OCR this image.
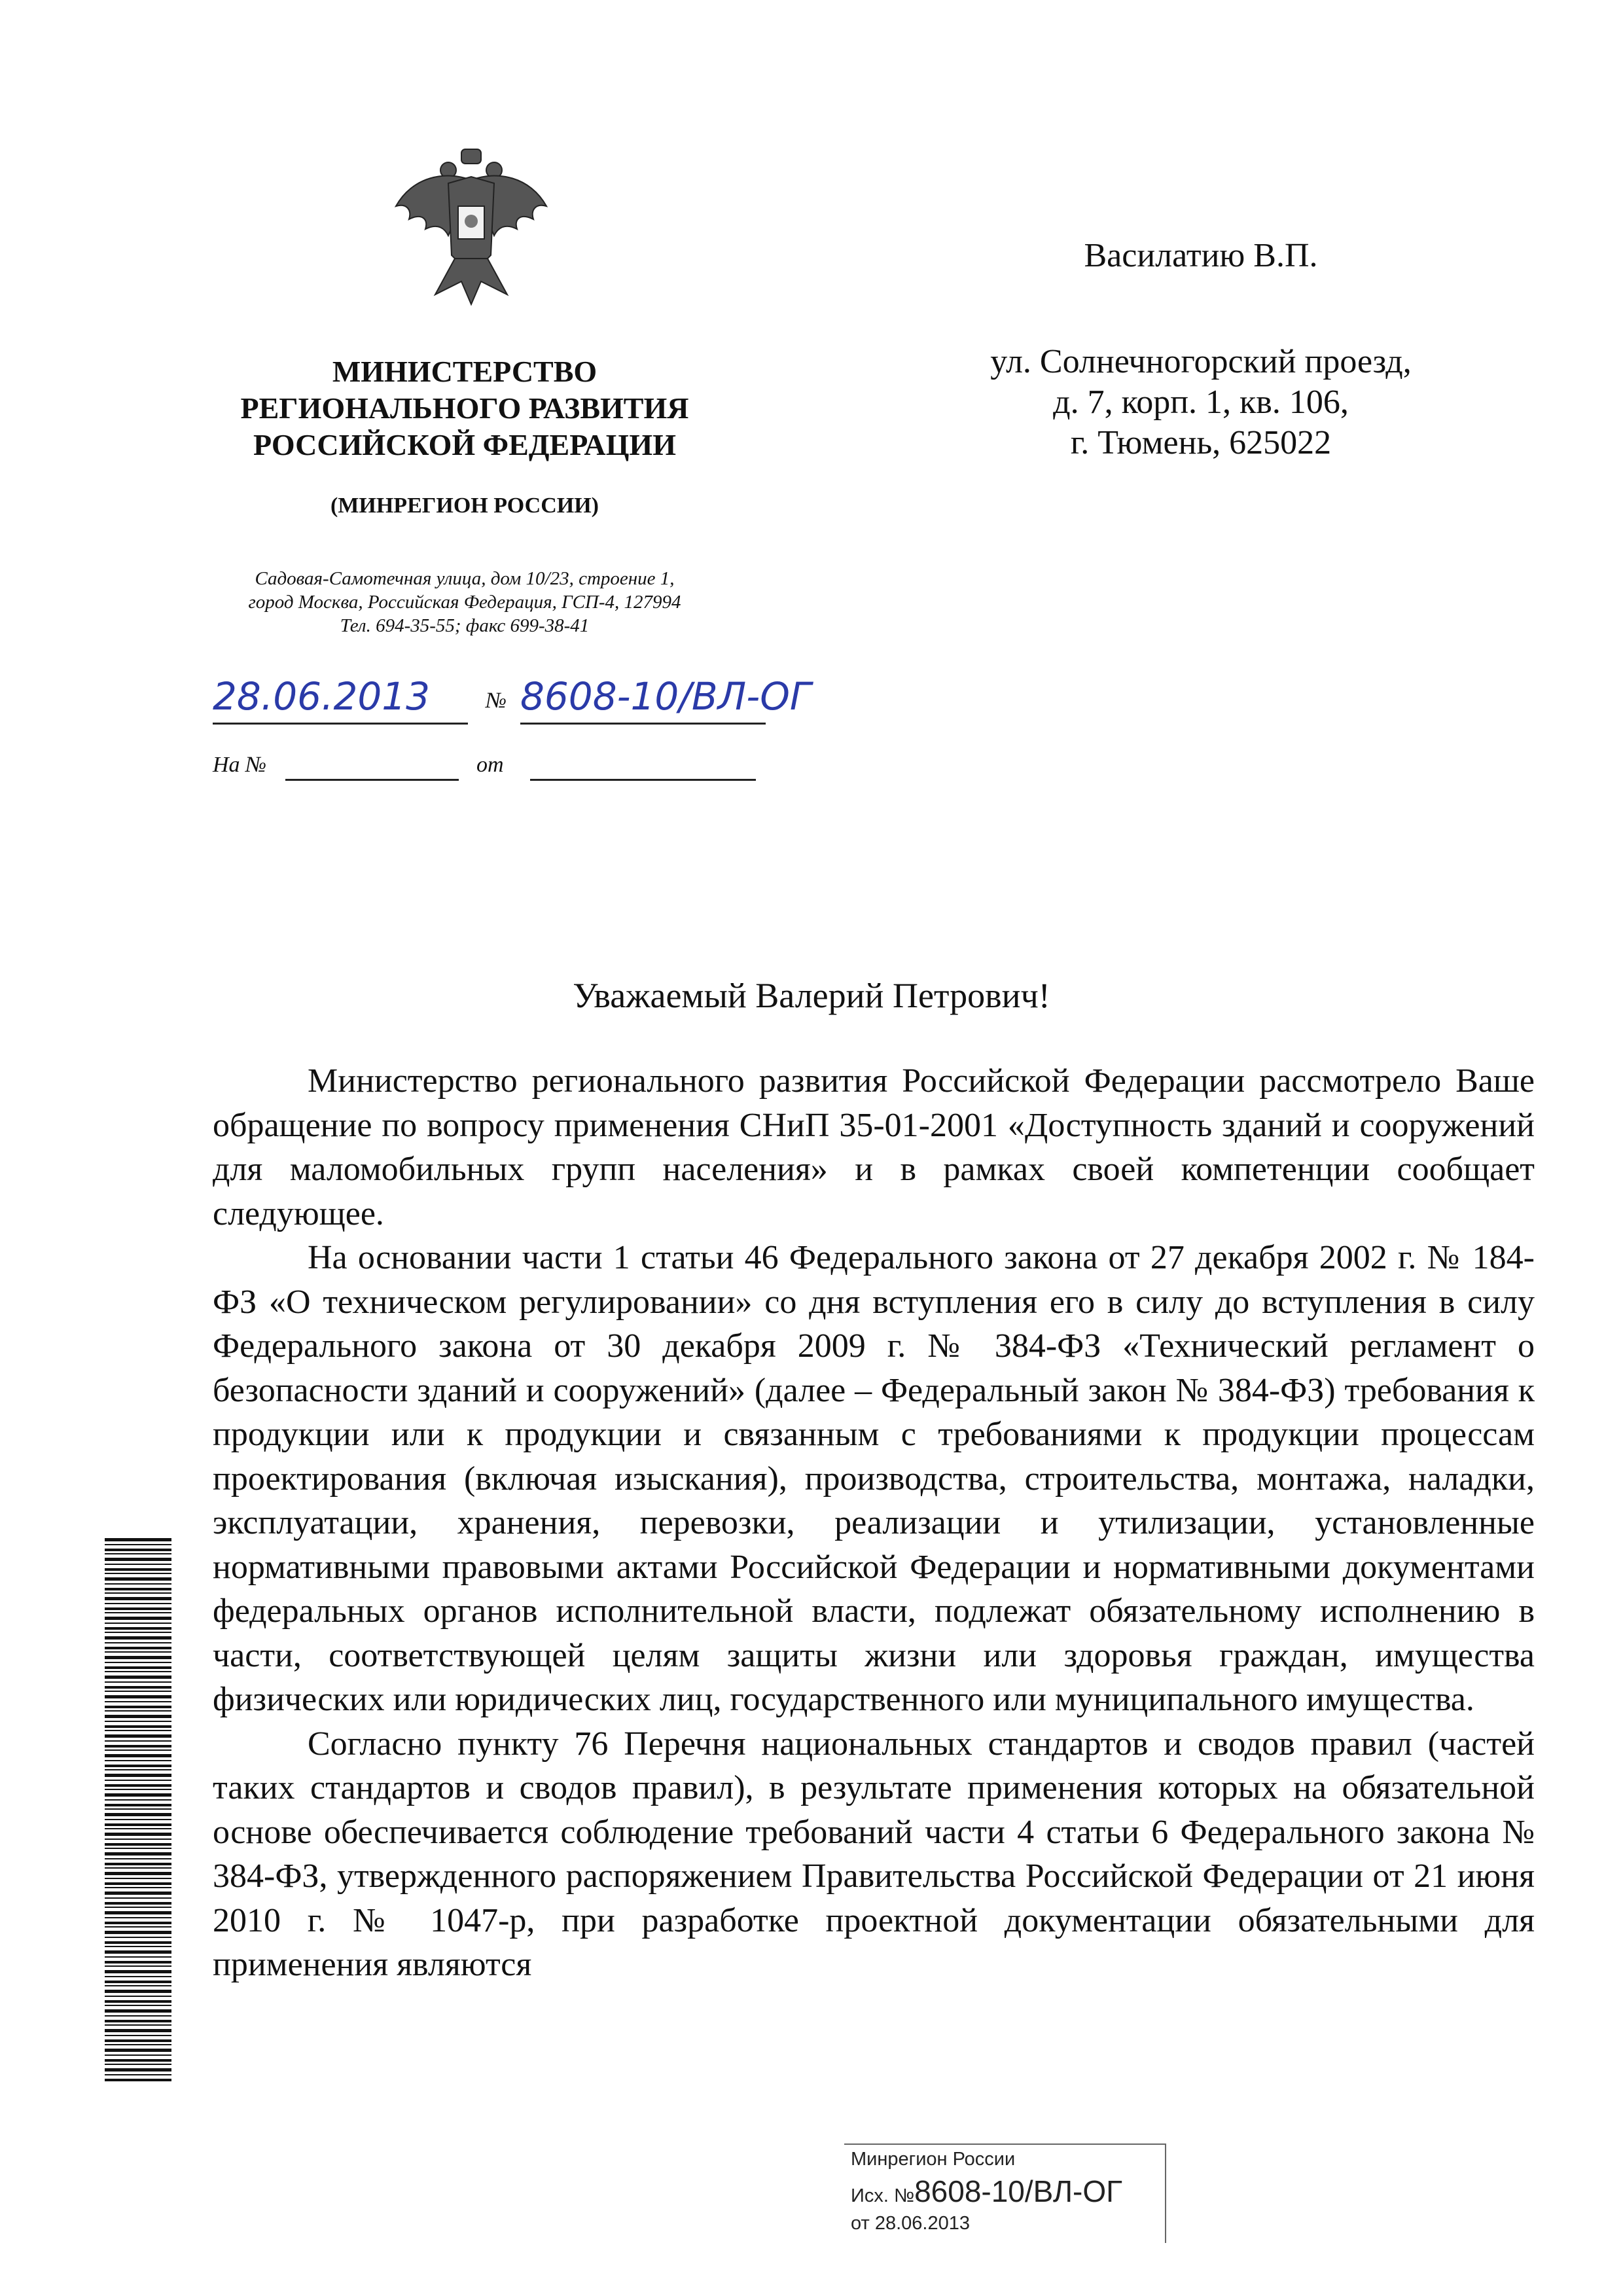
МИНИСТЕРСТВО
РЕГИОНАЛЬНОГО РАЗВИТИЯ
РОССИЙСКОЙ ФЕДЕРАЦИИ
(МИНРЕГИОН РОССИИ)
Садовая-Самотечная улица, дом 10/23, строение 1,
город Москва, Российская Федерация, ГСП-4, 127994
Тел. 694-35-55; факс 699-38-41
28.06.2013	№ 8608-10/ВЛ-ОГ
На №	от
Василатию В.П.
ул. Солнечногорский проезд,
д. 7, корп. 1, кв. 106,
г. Тюмень, 625022
Уважаемый Валерий Петрович!

Министерство регионального развития Российской Федерации рассмотрело Ваше обращение по вопросу применения СНиП 35-01-2001 «Доступность зданий и сооружений для маломобильных групп населения» и в рамках своей компетенции сообщает следующее.

На основании части 1 статьи 46 Федерального закона от 27 декабря 2002 г. № 184-ФЗ «О техническом регулировании» со дня вступления его в силу до вступления в силу Федерального закона от 30 декабря 2009 г. № 384-ФЗ «Технический регламент о безопасности зданий и сооружений» (далее – Федеральный закон № 384-ФЗ) требования к продукции или к продукции и связанным с требованиями к продукции процессам проектирования (включая изыскания), производства, строительства, монтажа, наладки, эксплуатации, хранения, перевозки, реализации и утилизации, установленные нормативными правовыми актами Российской Федерации и нормативными документами федеральных органов исполнительной власти, подлежат обязательному исполнению в части, соответствующей целям защиты жизни или здоровья граждан, имущества физических или юридических лиц, государственного или муниципального имущества.

Согласно пункту 76 Перечня национальных стандартов и сводов правил (частей таких стандартов и сводов правил), в результате применения которых на обязательной основе обеспечивается соблюдение требований части 4 статьи 6 Федерального закона № 384-ФЗ, утвержденного распоряжением Правительства Российской Федерации от 21 июня 2010 г. № 1047-р, при разработке проектной документации обязательными для применения являются

Минрегион России
Исх. №8608-10/ВЛ-ОГ
от 28.06.2013
